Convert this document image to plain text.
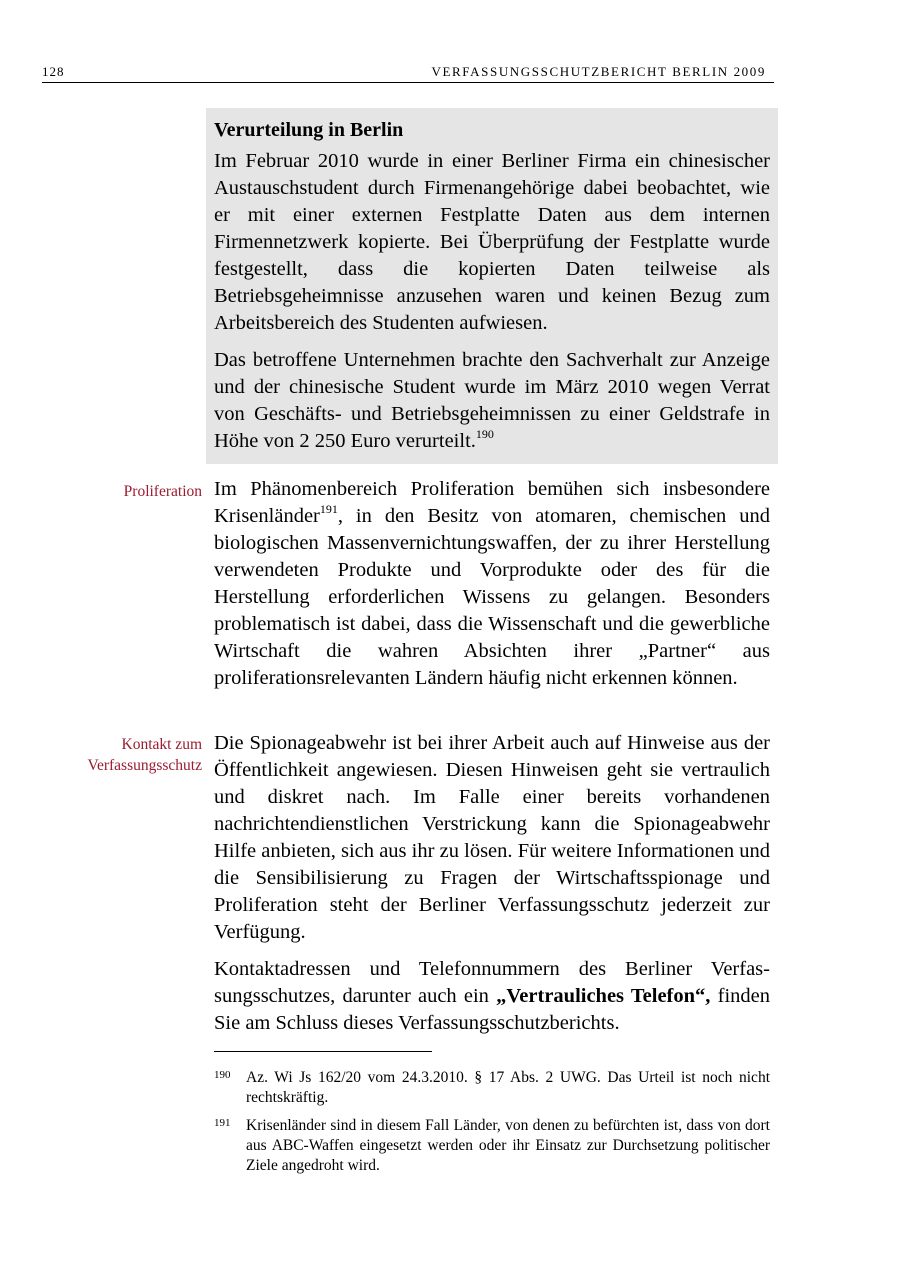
128	VERFASSUNGSSCHUTZBERICHT BERLIN 2009

Verurteilung in Berlin

Im Februar 2010 wurde in einer Berliner Firma ein chinesischer Austauschstudent durch Firmenangehörige dabei beobachtet, wie er mit einer externen Festplatte Daten aus dem internen Firmennetzwerk kopierte. Bei Überprüfung der Festplatte wurde festgestellt, dass die kopierten Daten teilweise als Betriebsgeheimnisse anzusehen waren und keinen Bezug zum Arbeitsbereich des Studenten aufwiesen.

Das betroffene Unternehmen brachte den Sachverhalt zur Anzeige und der chinesische Student wurde im März 2010 wegen Verrat von Geschäfts- und Betriebsgeheimnissen zu einer Geldstrafe in Höhe von 2 250 Euro verurteilt.$^{190}$

Proliferation Im Phänomenbereich Proliferation bemühen sich insbesondere Krisenländer$^{191}$, in den Besitz von atomaren, chemischen und biologischen Massenvernichtungswaffen, der zu ihrer Herstellung verwendeten Produkte und Vorprodukte oder des für die Herstellung erforderlichen Wissens zu gelangen. Besonders problematisch ist dabei, dass die Wissenschaft und die gewerbliche Wirtschaft die wahren Absichten ihrer „Partner“ aus proliferationsrelevanten Ländern häufig nicht erkennen können.

Kontakt zum
Verfassungsschutz

Die Spionageabwehr ist bei ihrer Arbeit auch auf Hinweise aus der Öffentlichkeit angewiesen. Diesen Hinweisen geht sie vertraulich und diskret nach. Im Falle einer bereits vorhandenen nachrichtendienstlichen Verstrickung kann die Spionageabwehr Hilfe anbieten, sich aus ihr zu lösen. Für weitere Informationen und die Sensibilisierung zu Fragen der Wirtschaftsspionage und Proliferation steht der Berliner Verfassungsschutz jederzeit zur Verfügung.

Kontaktadressen und Telefonnummern des Berliner Verfassungsschutzes, darunter auch ein „Vertrauliches Telefon“, finden Sie am Schluss dieses Verfassungsschutzberichts.

190 Az. Wi Js 162/20 vom 24.3.2010. § 17 Abs. 2 UWG. Das Urteil ist noch nicht rechtskräftig.
191 Krisenländer sind in diesem Fall Länder, von denen zu befürchten ist, dass von dort aus ABC-Waffen eingesetzt werden oder ihr Einsatz zur Durchsetzung politischer Ziele angedroht wird.
